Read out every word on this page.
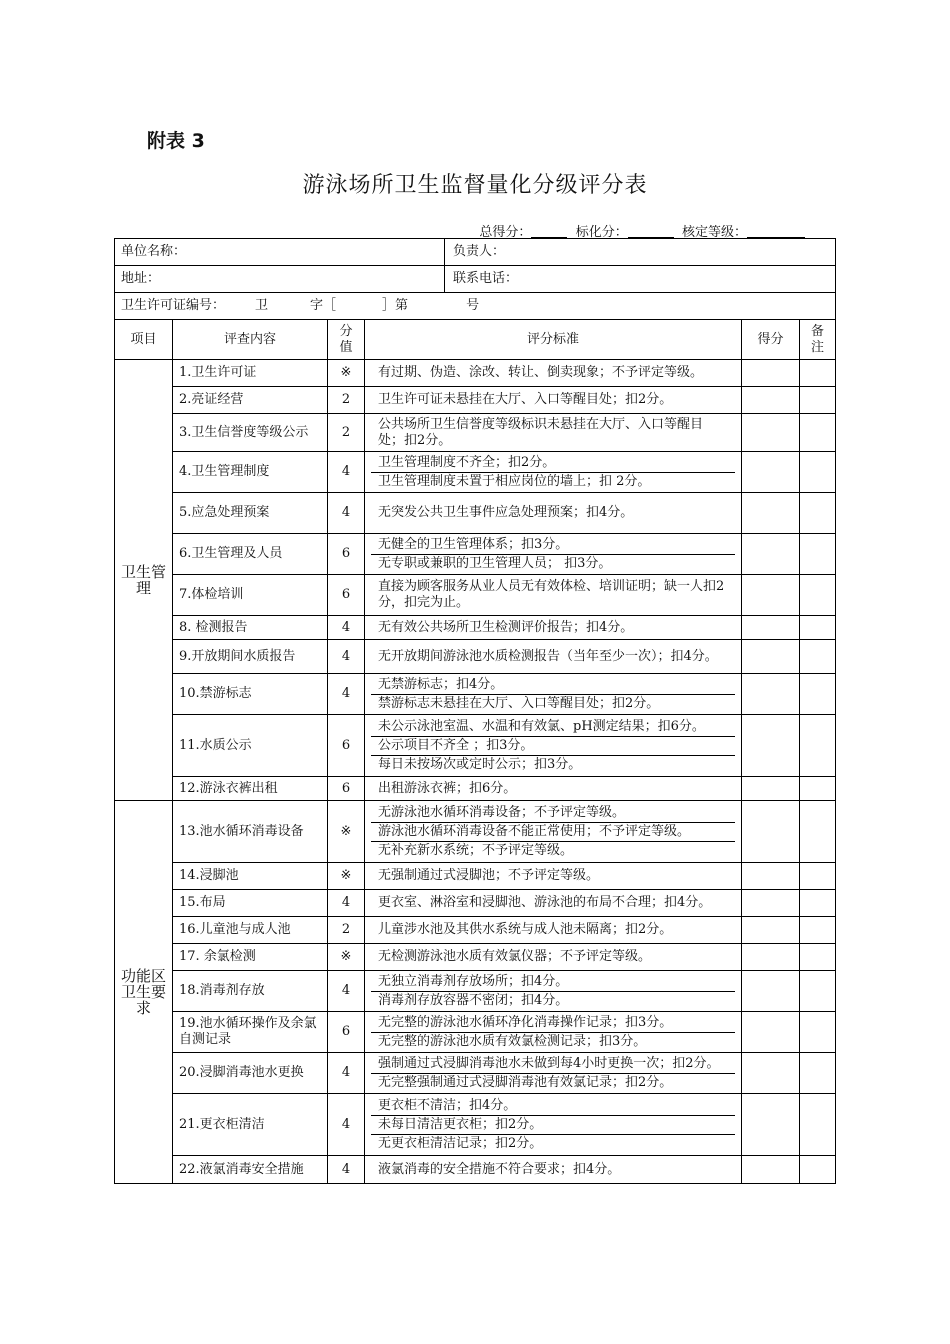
附表 3
游泳场所卫生监督量化分级评分表
总得分：	标化分：	核定等级：
单位名称： 负责人：					

地址： 联系电话：					

卫生许可证编号： 卫 字［ ］第 号					
项目	评查内容	分值	评分标准	得分	备注
卫生管理	1.卫生许可证	※	有过期、伪造、涂改、转让、倒卖现象；不予评定等级。		

	2.亮证经营	2	卫生许可证未悬挂在大厅、入口等醒目处；扣2分。		

	3.卫生信誉度等级公示	2	公共场所卫生信誉度等级标识未悬挂在大厅、入口等醒目处；扣2分。		

	4.卫生管理制度	4	卫生管理制度不齐全；扣2分。
卫生管理制度未置于相应岗位的墙上；扣 2分。		

	5.应急处理预案	4	无突发公共卫生事件应急处理预案；扣4分。		

	6.卫生管理及人员	6	无健全的卫生管理体系；扣3分。
无专职或兼职的卫生管理人员； 扣3分。		

	7.体检培训	6	直接为顾客服务从业人员无有效体检、培训证明；缺一人扣2分，扣完为止。		

	8. 检测报告	4	无有效公共场所卫生检测评价报告；扣4分。		

	9.开放期间水质报告	4	无开放期间游泳池水质检测报告（当年至少一次）；扣4分。		

	10.禁游标志	4	无禁游标志；扣4分。
禁游标志未悬挂在大厅、入口等醒目处；扣2分。		

	11.水质公示	6	未公示泳池室温、水温和有效氯、pH测定结果；扣6分。
公示项目不齐全 ；扣3分。
每日未按场次或定时公示；扣3分。		

	12.游泳衣裤出租	6	出租游泳衣裤；扣6分。		

功能区卫生要求	13.池水循环消毒设备	※	无游泳池水循环消毒设备；不予评定等级。
游泳池水循环消毒设备不能正常使用；不予评定等级。
无补充新水系统；不予评定等级。		

	14.浸脚池	※	无强制通过式浸脚池；不予评定等级。		

	15.布局	4	更衣室、淋浴室和浸脚池、游泳池的布局不合理；扣4分。		

	16.儿童池与成人池	2	儿童涉水池及其供水系统与成人池未隔离；扣2分。		

	17. 余氯检测	※	无检测游泳池水质有效氯仪器；不予评定等级。		

	18.消毒剂存放	4	无独立消毒剂存放场所；扣4分。
消毒剂存放容器不密闭；扣4分。		

	19.池水循环操作及余氯自测记录	6	无完整的游泳池水循环净化消毒操作记录；扣3分。
无完整的游泳池水质有效氯检测记录；扣3分。		

	20.浸脚消毒池水更换	4	强制通过式浸脚消毒池水未做到每4小时更换一次；扣2分。
无完整强制通过式浸脚消毒池有效氯记录；扣2分。		

	21.更衣柜清洁	4	更衣柜不清洁；扣4分。
未每日清洁更衣柜；扣2分。
无更衣柜清洁记录；扣2分。		

	22.液氯消毒安全措施	4	液氯消毒的安全措施不符合要求；扣4分。		
